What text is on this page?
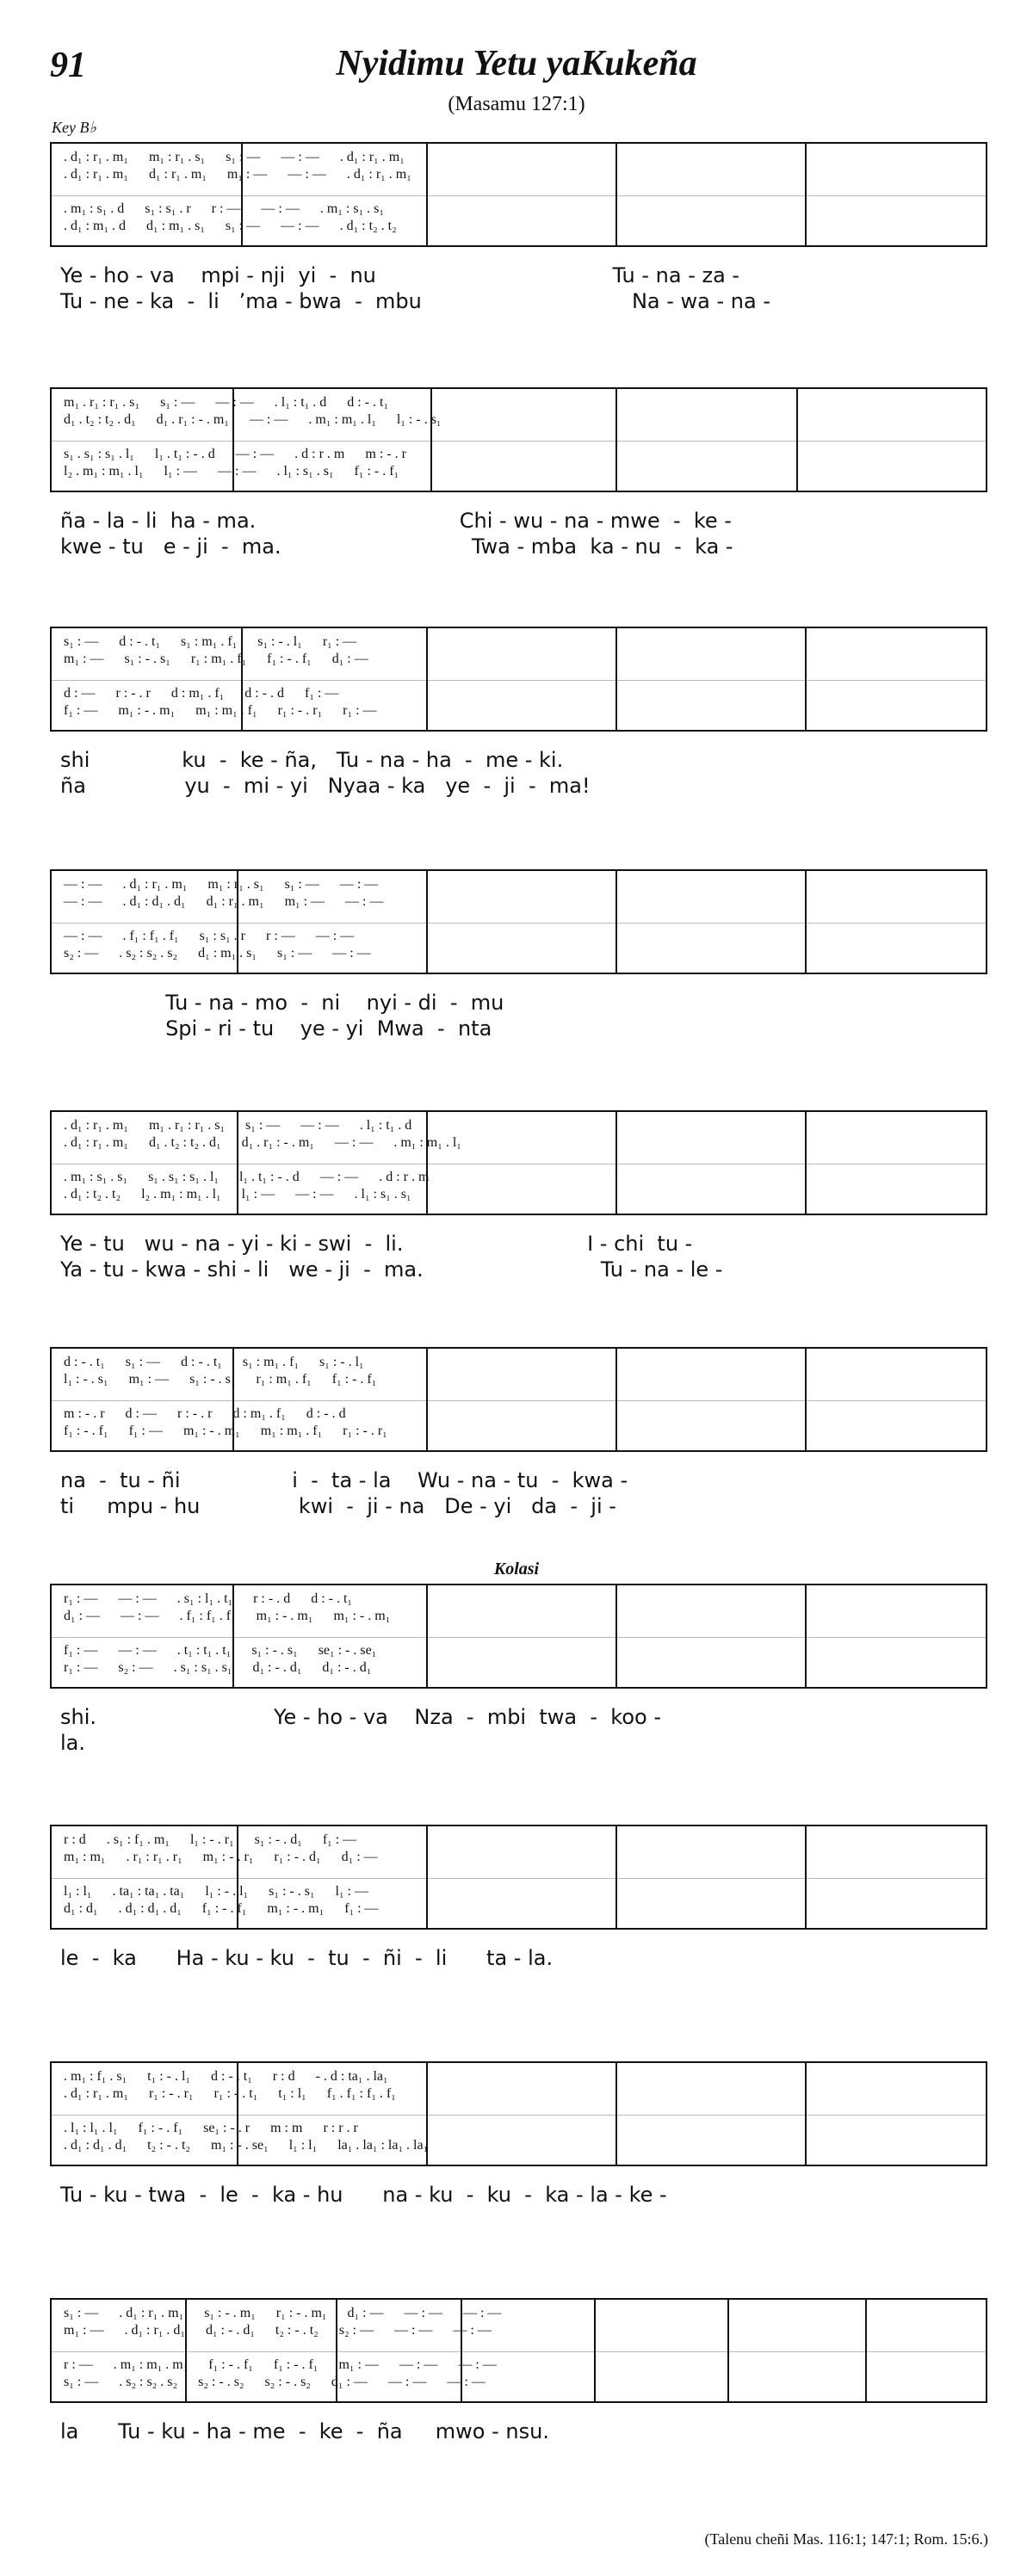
91	Nyidimu Yetu yaKukeña
(Masamu 127:1)
Key B♭
. d₁ : r₁ . m₁      m₁ : r₁ . s₁      s₁ : —      — : —      . d₁ : r₁ . m₁
. d₁ : r₁ . m₁      d₁ : r₁ . m₁      m₁ : —      — : —      . d₁ : r₁ . m₁
. m₁ : s₁ . d      s₁ : s₁ . r      r : —      — : —      . m₁ : s₁ . s₁
. d₁ : m₁ . d      d₁ : m₁ . s₁      s₁ : —      — : —      . d₁ : t₂ . t₂
Ye - ho - va    mpi - nji  yi  -  nu                                    Tu - na - za -
Tu - ne - ka  -  li   ’ma - bwa  -  mbu                                Na - wa - na -
m₁ . r₁ : r₁ . s₁      s₁ : —      — : —      . l₁ : t₁ . d      d : - . t₁
d₁ . t₂ : t₂ . d₁      d₁ . r₁ : - . m₁      — : —      . m₁ : m₁ . l₁      l₁ : - . s₁
s₁ . s₁ : s₁ . l₁      l₁ . t₁ : - . d      — : —      . d : r . m      m : - . r
l₂ . m₁ : m₁ . l₁      l₁ : —      — : —      . l₁ : s₁ . s₁      f₁ : - . f₁
ña - la - li  ha - ma.                               Chi - wu - na - mwe  -  ke -
kwe - tu   e - ji  -  ma.                             Twa - mba  ka - nu  -  ka -
s₁ : —      d : - . t₁      s₁ : m₁ . f₁      s₁ : - . l₁      r₁ : —
m₁ : —      s₁ : - . s₁      r₁ : m₁ . f₁      f₁ : - . f₁      d₁ : —
d : —      r : - . r      d : m₁ . f₁      d : - . d      f₁ : —
f₁ : —      m₁ : - . m₁      m₁ : m₁ . f₁      r₁ : - . r₁      r₁ : —
shi              ku  -  ke - ña,   Tu - na - ha  -  me - ki.
ña               yu  -  mi - yi   Nyaa - ka   ye  -  ji  -  ma!
— : —      . d₁ : r₁ . m₁      m₁ : r₁ . s₁      s₁ : —      — : —
— : —      . d₁ : d₁ . d₁      d₁ : r₁ . m₁      m₁ : —      — : —
— : —      . f₁ : f₁ . f₁      s₁ : s₁ . r      r : —      — : —
s₂ : —      . s₂ : s₂ . s₂      d₁ : m₁ . s₁      s₁ : —      — : —
Tu - na - mo  -  ni    nyi - di  -  mu
Spi - ri - tu    ye - yi  Mwa  -  nta
. d₁ : r₁ . m₁      m₁ . r₁ : r₁ . s₁      s₁ : —      — : —      . l₁ : t₁ . d
. d₁ : r₁ . m₁      d₁ . t₂ : t₂ . d₁      d₁ . r₁ : - . m₁      — : —      . m₁ : m₁ . l₁
. m₁ : s₁ . s₁      s₁ . s₁ : s₁ . l₁      l₁ . t₁ : - . d      — : —      . d : r . m
. d₁ : t₂ . t₂      l₂ . m₁ : m₁ . l₁      l₁ : —      — : —      . l₁ : s₁ . s₁
Ye - tu   wu - na - yi - ki - swi  -  li.                            I - chi  tu -
Ya - tu - kwa - shi - li   we - ji  -  ma.                           Tu - na - le -
d : - . t₁      s₁ : —      d : - . t₁      s₁ : m₁ . f₁      s₁ : - . l₁
l₁ : - . s₁      m₁ : —      s₁ : - . s₁      r₁ : m₁ . f₁      f₁ : - . f₁
m : - . r      d : —      r : - . r      d : m₁ . f₁      d : - . d
f₁ : - . f₁      f₁ : —      m₁ : - . m₁      m₁ : m₁ . f₁      r₁ : - . r₁
na  -  tu - ñi                 i  -  ta - la    Wu - na - tu  -  kwa -
ti     mpu - hu               kwi  -  ji - na   De - yi   da  -  ji -
r₁ : —      — : —      . s₁ : l₁ . t₁      r : - . d      d : - . t₁
d₁ : —      — : —      . f₁ : f₁ . f₁      m₁ : - . m₁      m₁ : - . m₁
f₁ : —      — : —      . t₁ : t₁ . t₁      s₁ : - . s₁      se₁ : - . se₁
r₁ : —      s₂ : —      . s₁ : s₁ . s₁      d₁ : - . d₁      d₁ : - . d₁
shi.                           Ye - ho - va    Nza  -  mbi  twa  -  koo -
la.
r : d      . s₁ : f₁ . m₁      l₁ : - . r₁      s₁ : - . d₁      f₁ : —
m₁ : m₁      . r₁ : r₁ . r₁      m₁ : - . r₁      r₁ : - . d₁      d₁ : —
l₁ : l₁      . ta₁ : ta₁ . ta₁      l₁ : - . l₁      s₁ : - . s₁      l₁ : —
d₁ : d₁      . d₁ : d₁ . d₁      f₁ : - . f₁      m₁ : - . m₁      f₁ : —
le  -  ka      Ha - ku - ku  -  tu  -  ñi  -  li      ta - la.
. m₁ : f₁ . s₁      t₁ : - . l₁      d : - . t₁      r : d      - . d : ta₁ . la₁
. d₁ : r₁ . m₁      r₁ : - . r₁      r₁ : - . t₁      t₁ : l₁      f₁ . f₁ : f₁ . f₁
. l₁ : l₁ . l₁      f₁ : - . f₁      se₁ : - . r      m : m      r : r . r
. d₁ : d₁ . d₁      t₂ : - . t₂      m₁ : - . se₁      l₁ : l₁      la₁ . la₁ : la₁ . la₁
Tu - ku - twa  -  le  -  ka - hu      na - ku  -  ku  -  ka - la - ke -
s₁ : —      . d₁ : r₁ . m₁      s₁ : - . m₁      r₁ : - . m₁      d₁ : —      — : —      — : —
m₁ : —      . d₁ : r₁ . d₁      d₁ : - . d₁      t₂ : - . t₂      s₂ : —      — : —      — : —
r : —      . m₁ : m₁ . m₁      f₁ : - . f₁      f₁ : - . f₁      m₁ : —      — : —      — : —
s₁ : —      . s₂ : s₂ . s₂      s₂ : - . s₂      s₂ : - . s₂      d₁ : —      — : —      — : —
la      Tu - ku - ha - me  -  ke  -  ña     mwo - nsu.
Kolasi
(Talenu cheñi Mas. 116:1; 147:1; Rom. 15:6.)
